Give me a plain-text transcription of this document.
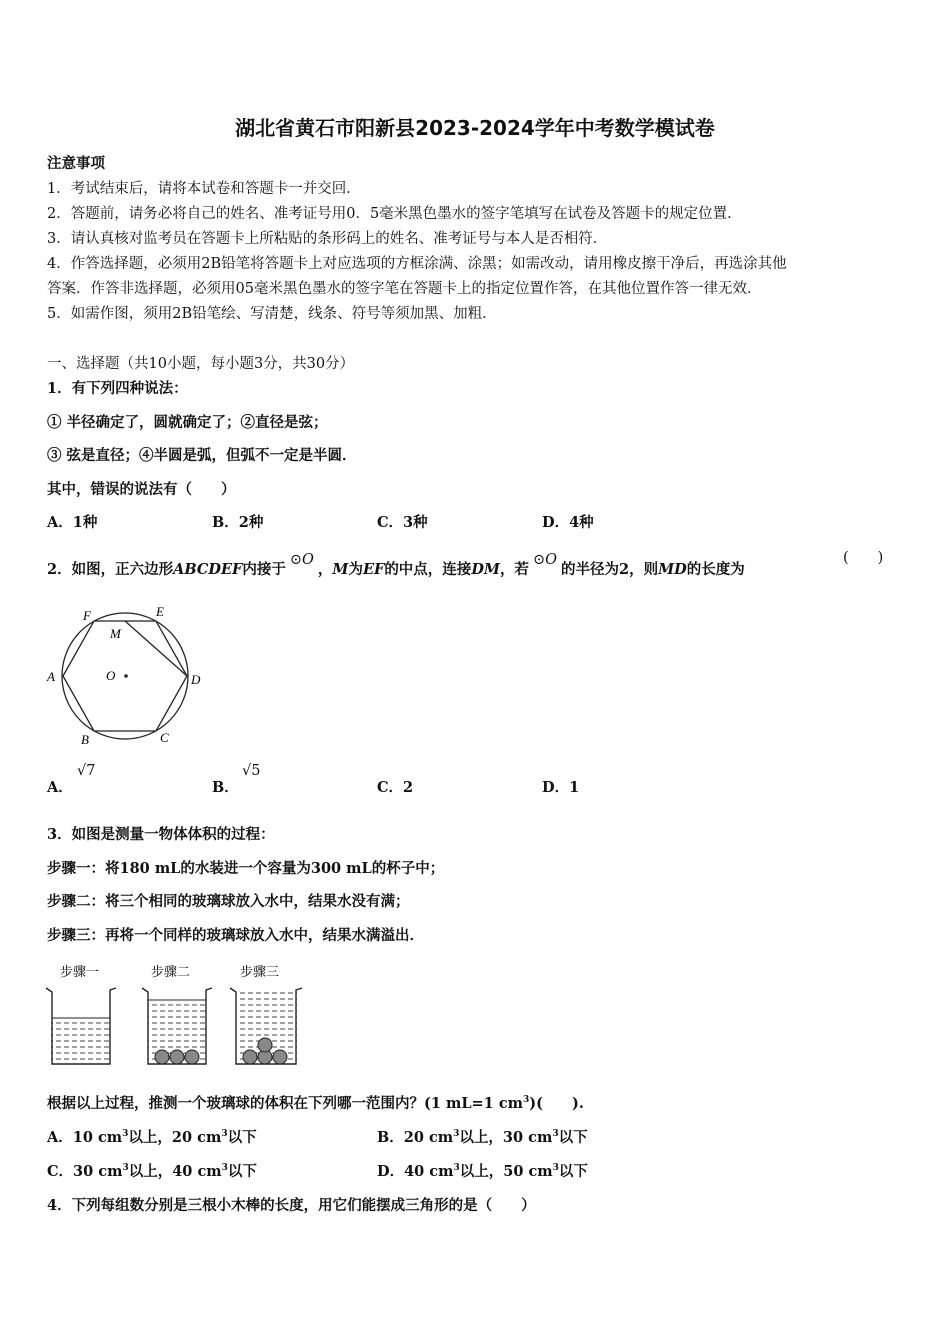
湖北省黄石市阳新县2023-2024学年中考数学模试卷
注意事项
1．考试结束后，请将本试卷和答题卡一并交回．
2．答题前，请务必将自己的姓名、准考证号用0．5毫米黑色墨水的签字笔填写在试卷及答题卡的规定位置．
3．请认真核对监考员在答题卡上所粘贴的条形码上的姓名、准考证号与本人是否相符．
4．作答选择题，必须用2B铅笔将答题卡上对应选项的方框涂满、涂黑；如需改动，请用橡皮擦干净后，再选涂其他
答案．作答非选择题，必须用05毫米黑色墨水的签字笔在答题卡上的指定位置作答，在其他位置作答一律无效．
5．如需作图，须用2B铅笔绘、写清楚，线条、符号等须加黑、加粗．
一、选择题（共10小题，每小题3分，共30分）
1．有下列四种说法：
① 半径确定了，圆就确定了；②直径是弦；
③ 弦是直径；④半圆是弧，但弧不一定是半圆．
其中，错误的说法有（　　）
A．1种	B．2种	C．3种	D．4种
2．如图，正六边形ABCDEF内接于⊙O，M为EF的中点，连接DM，若⊙O的半径为2，则MD的长度为
(　　)
F	E
M
A	O	D
B	C
A．
√7
B．
√5
C．2	D．1
3．如图是测量一物体体积的过程：
步骤一：将180 mL的水装进一个容量为300 mL的杯子中；
步骤二：将三个相同的玻璃球放入水中，结果水没有满；
步骤三：再将一个同样的玻璃球放入水中，结果水满溢出．
步骤一	步骤二	步骤三
根据以上过程，推测一个玻璃球的体积在下列哪一范围内？(1 mL=1 $cm^3$)(　　).
A．10 $cm^3$以上，20 $cm^3$以下	B．20 $cm^3$以上，30 $cm^3$以下
C．30 $cm^3$以上，40 $cm^3$以下	D．40 $cm^3$以上，50 $cm^3$以下
4．下列每组数分别是三根小木棒的长度，用它们能摆成三角形的是（　　）
